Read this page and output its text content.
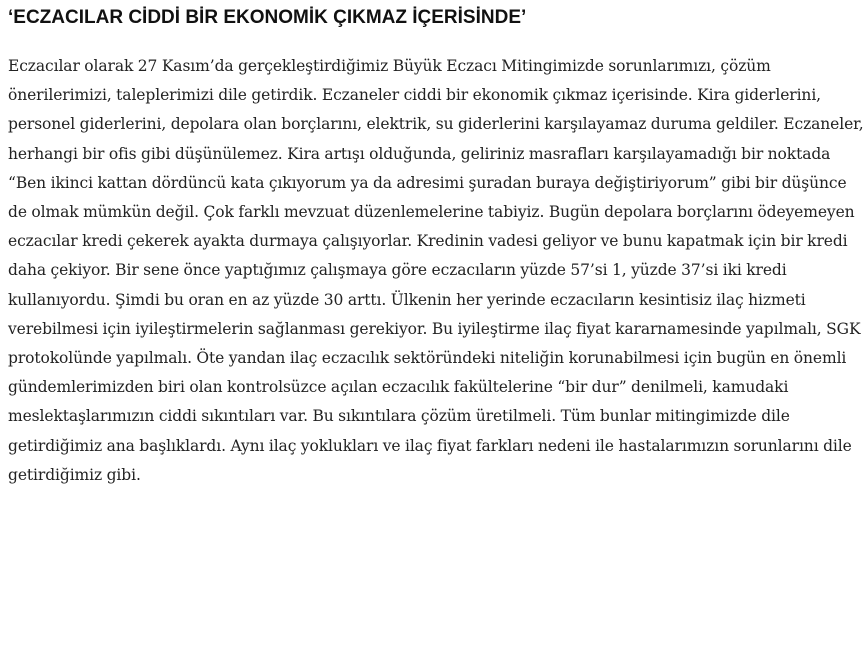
‘ECZACILAR CİDDİ BİR EKONOMİK ÇIKMAZ İÇERİSİNDE’

Eczacılar olarak 27 Kasım’da gerçekleştirdiğimiz Büyük Eczacı Mitingimizde sorunlarımızı, çözüm önerilerimizi, taleplerimizi dile getirdik. Eczaneler ciddi bir ekonomik çıkmaz içerisinde. Kira giderlerini, personel giderlerini, depolara olan borçlarını, elektrik, su giderlerini karşılayamaz duruma geldiler. Eczaneler, herhangi bir ofis gibi düşünülemez. Kira artışı olduğunda, geliriniz masrafları karşılayamadığı bir noktada “Ben ikinci kattan dördüncü kata çıkıyorum ya da adresimi şuradan buraya değiştiriyorum” gibi bir düşünce de olmak mümkün değil. Çok farklı mevzuat düzenlemelerine tabiyiz. Bugün depolara borçlarını ödeyemeyen eczacılar kredi çekerek ayakta durmaya çalışıyorlar. Kredinin vadesi geliyor ve bunu kapatmak için bir kredi daha çekiyor. Bir sene önce yaptığımız çalışmaya göre eczacıların yüzde 57’si 1, yüzde 37’si iki kredi kullanıyordu. Şimdi bu oran en az yüzde 30 arttı. Ülkenin her yerinde eczacıların kesintisiz ilaç hizmeti verebilmesi için iyileştirmelerin sağlanması gerekiyor. Bu iyileştirme ilaç fiyat kararnamesinde yapılmalı, SGK protokolünde yapılmalı. Öte yandan ilaç eczacılık sektöründeki niteliğin korunabilmesi için bugün en önemli gündemlerimizden biri olan kontrolsüzce açılan eczacılık fakültelerine “bir dur” denilmeli, kamudaki meslektaşlarımızın ciddi sıkıntıları var. Bu sıkıntılara çözüm üretilmeli. Tüm bunlar mitingimizde dile getirdiğimiz ana başlıklardı. Aynı ilaç yoklukları ve ilaç fiyat farkları nedeni ile hastalarımızın sorunlarını dile getirdiğimiz gibi.
